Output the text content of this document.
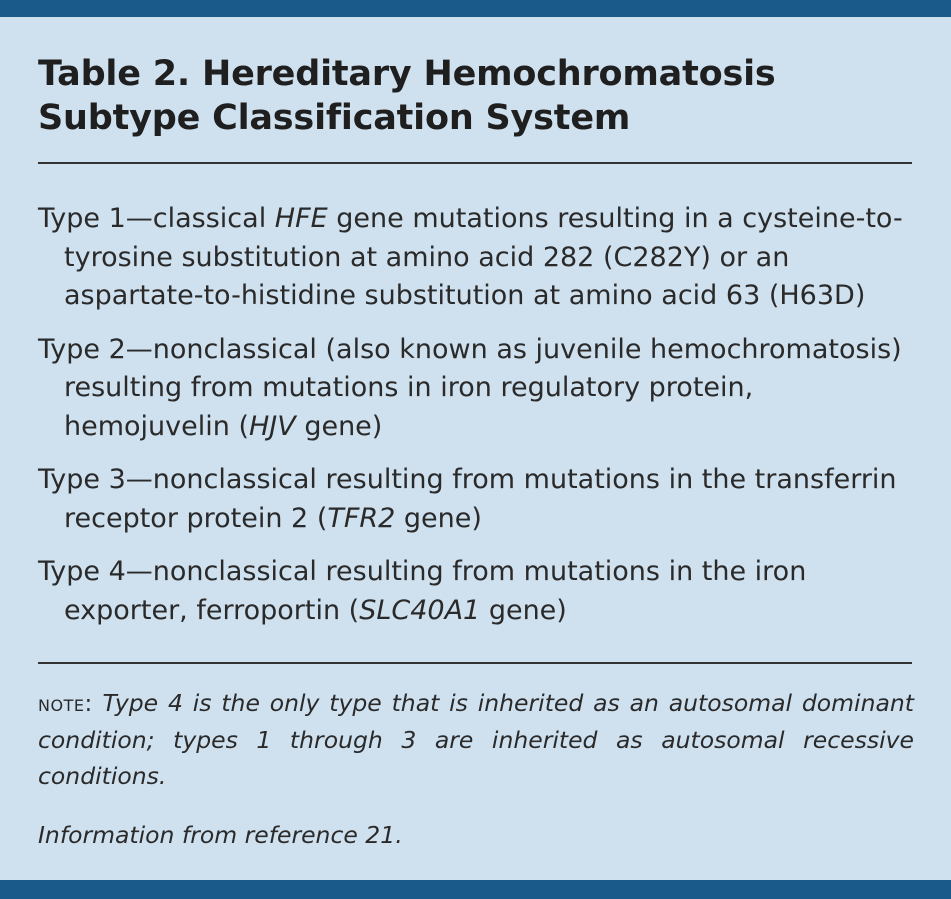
Table 2. Hereditary Hemochromatosis Subtype Classification System
Type 1—classical HFE gene mutations resulting in a cysteine-to-tyrosine substitution at amino acid 282 (C282Y) or an aspartate-to-histidine substitution at amino acid 63 (H63D)
Type 2—nonclassical (also known as juvenile hemochromatosis) resulting from mutations in iron regulatory protein, hemojuvelin (HJV gene)
Type 3—nonclassical resulting from mutations in the transferrin receptor protein 2 (TFR2 gene)
Type 4—nonclassical resulting from mutations in the iron exporter, ferroportin (SLC40A1 gene)

note: Type 4 is the only type that is inherited as an autosomal dominant condition; types 1 through 3 are inherited as autosomal recessive conditions.

Information from reference 21.
